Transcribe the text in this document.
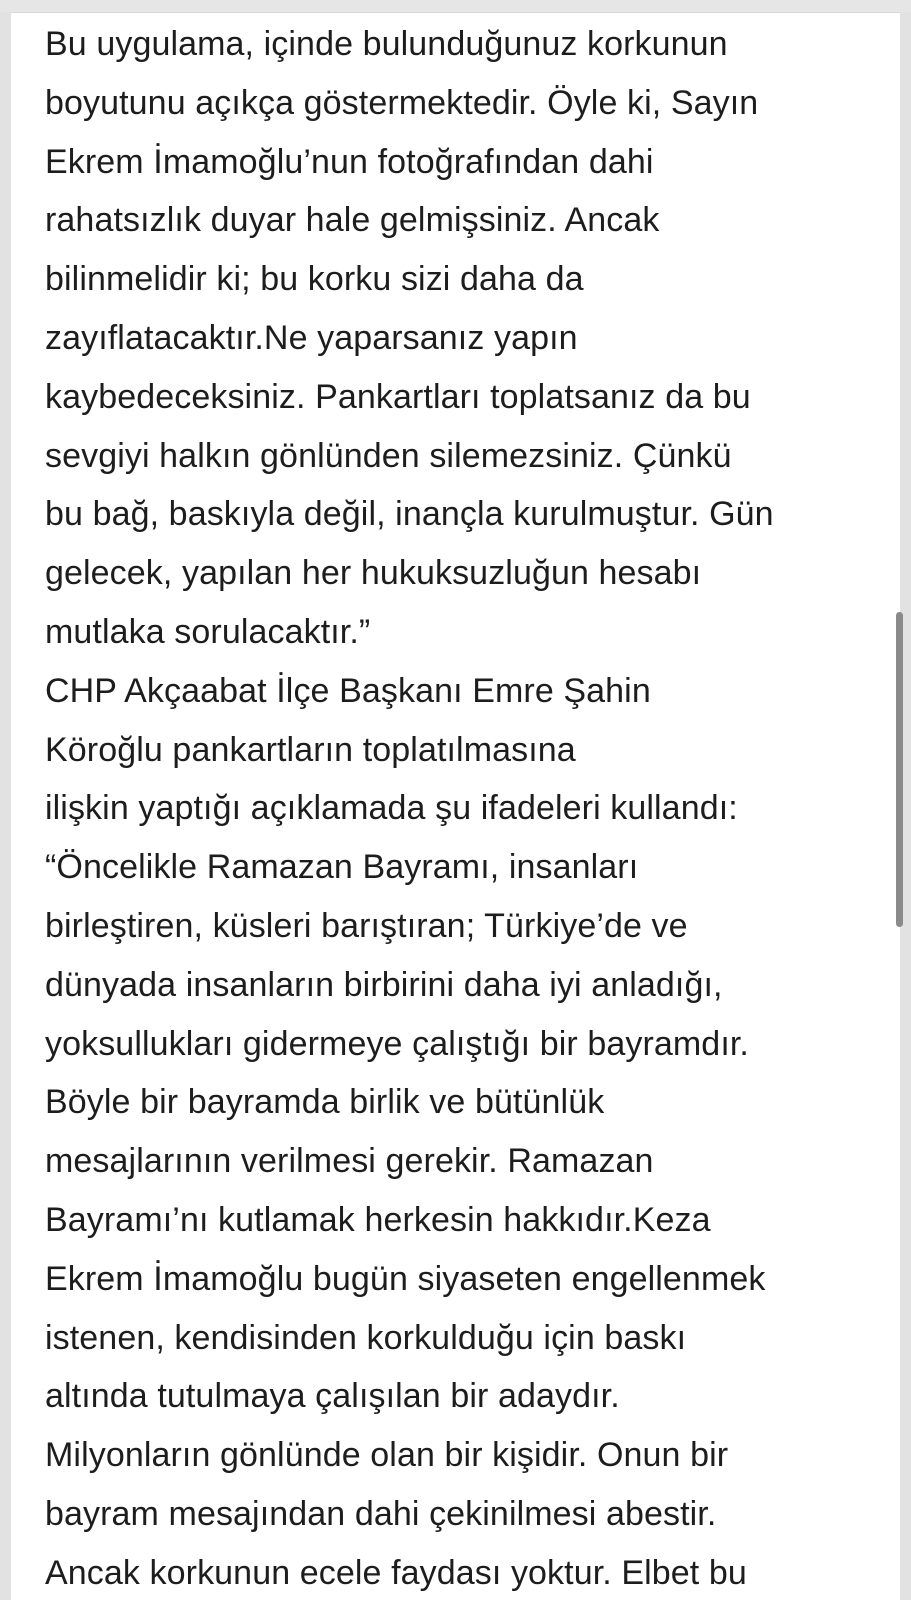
Bu uygulama, içinde bulunduğunuz korkunun
boyutunu açıkça göstermektedir. Öyle ki, Sayın
Ekrem İmamoğlu’nun fotoğrafından dahi
rahatsızlık duyar hale gelmişsiniz. Ancak
bilinmelidir ki; bu korku sizi daha da
zayıflatacaktır.Ne yaparsanız yapın
kaybedeceksiniz. Pankartları toplatsanız da bu
sevgiyi halkın gönlünden silemezsiniz. Çünkü
bu bağ, baskıyla değil, inançla kurulmuştur. Gün
gelecek, yapılan her hukuksuzluğun hesabı
mutlaka sorulacaktır.”
CHP Akçaabat İlçe Başkanı Emre Şahin
Köroğlu pankartların toplatılmasına
ilişkin yaptığı açıklamada şu ifadeleri kullandı:
“Öncelikle Ramazan Bayramı, insanları
birleştiren, küsleri barıştıran; Türkiye’de ve
dünyada insanların birbirini daha iyi anladığı,
yoksullukları gidermeye çalıştığı bir bayramdır.
Böyle bir bayramda birlik ve bütünlük
mesajlarının verilmesi gerekir. Ramazan
Bayramı’nı kutlamak herkesin hakkıdır.Keza
Ekrem İmamoğlu bugün siyaseten engellenmek
istenen, kendisinden korkulduğu için baskı
altında tutulmaya çalışılan bir adaydır.
Milyonların gönlünde olan bir kişidir. Onun bir
bayram mesajından dahi çekinilmesi abestir.
Ancak korkunun ecele faydası yoktur. Elbet bu
